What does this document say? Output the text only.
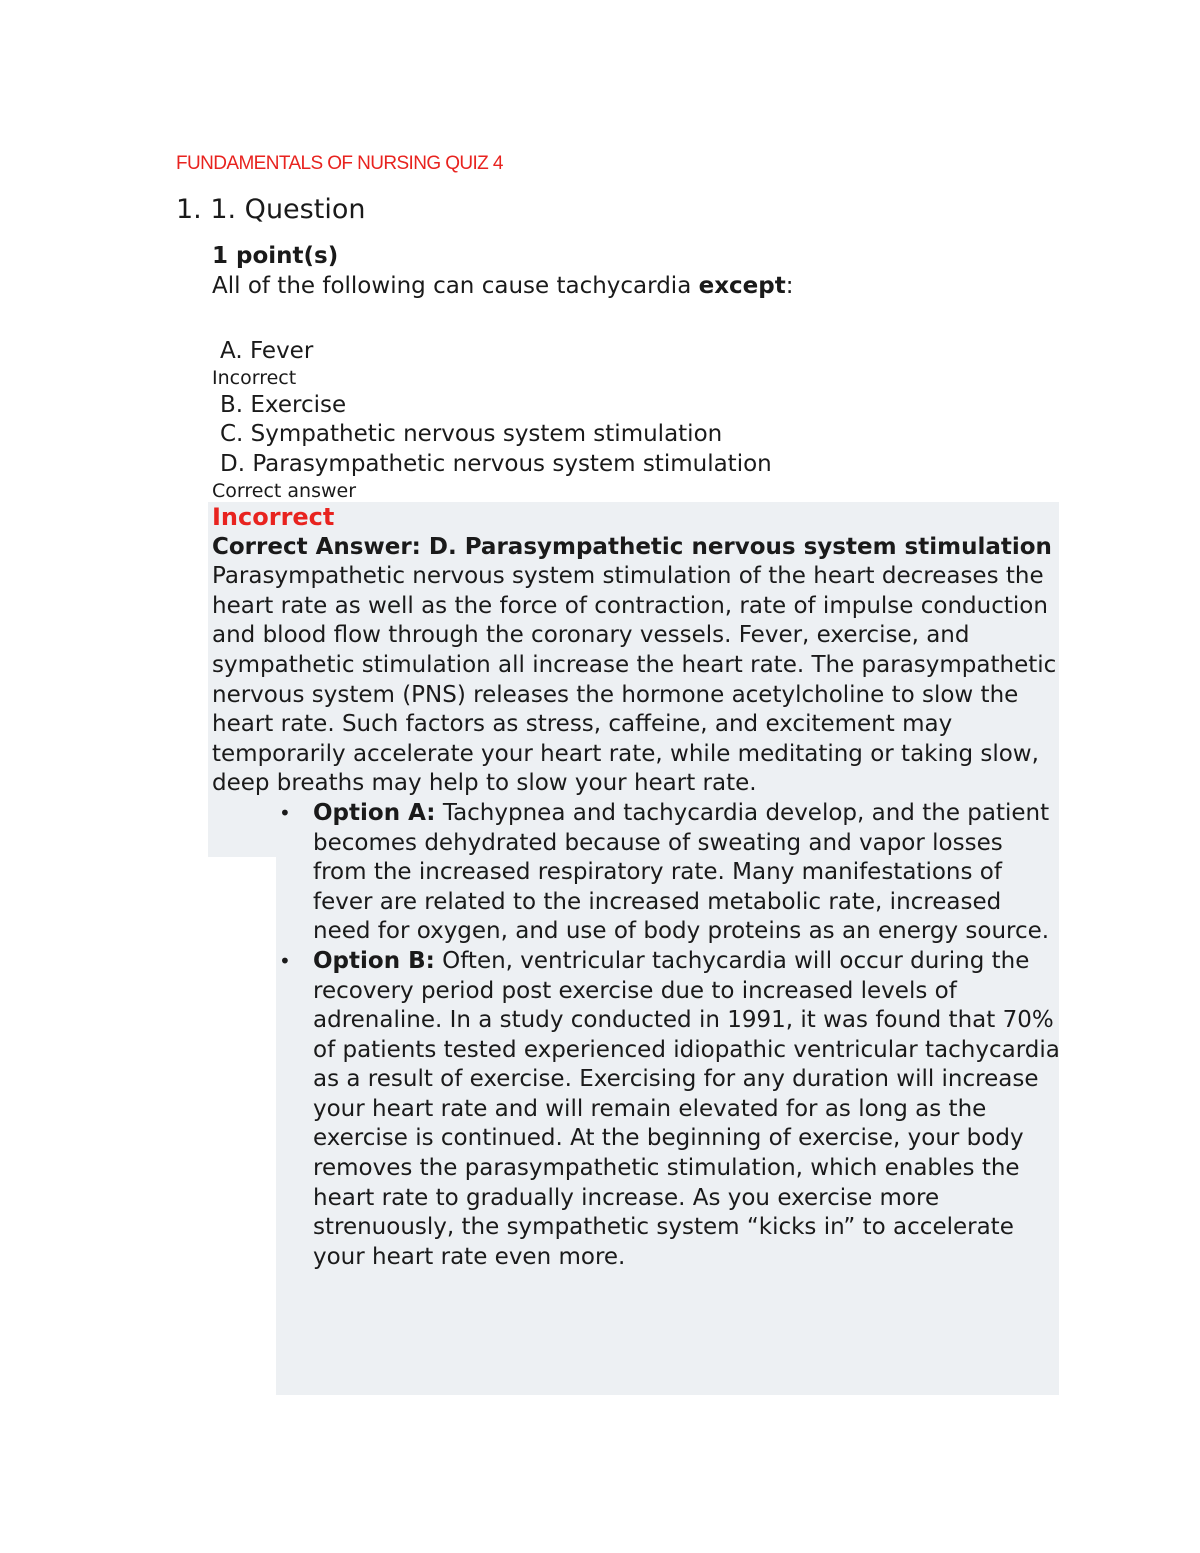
FUNDAMENTALS OF NURSING QUIZ 4
1. 1. Question
1 point(s)
All of the following can cause tachycardia except:
A. Fever
Incorrect
B. Exercise
C. Sympathetic nervous system stimulation
D. Parasympathetic nervous system stimulation
Correct answer

Incorrect

Correct Answer: D. Parasympathetic nervous system stimulation

Parasympathetic nervous system stimulation of the heart decreases the heart rate as well as the force of contraction, rate of impulse conduction and blood flow through the coronary vessels. Fever, exercise, and sympathetic stimulation all increase the heart rate. The parasympathetic nervous system (PNS) releases the hormone acetylcholine to slow the heart rate. Such factors as stress, caffeine, and excitement may temporarily accelerate your heart rate, while meditating or taking slow, deep breaths may help to slow your heart rate.

• Option A: Tachypnea and tachycardia develop, and the patient becomes dehydrated because of sweating and vapor losses from the increased respiratory rate. Many manifestations of fever are related to the increased metabolic rate, increased need for oxygen, and use of body proteins as an energy source.
• Option B: Often, ventricular tachycardia will occur during the recovery period post exercise due to increased levels of adrenaline. In a study conducted in 1991, it was found that 70% of patients tested experienced idiopathic ventricular tachycardia as a result of exercise. Exercising for any duration will increase your heart rate and will remain elevated for as long as the exercise is continued. At the beginning of exercise, your body removes the parasympathetic stimulation, which enables the heart rate to gradually increase. As you exercise more strenuously, the sympathetic system “kicks in” to accelerate your heart rate even more.
